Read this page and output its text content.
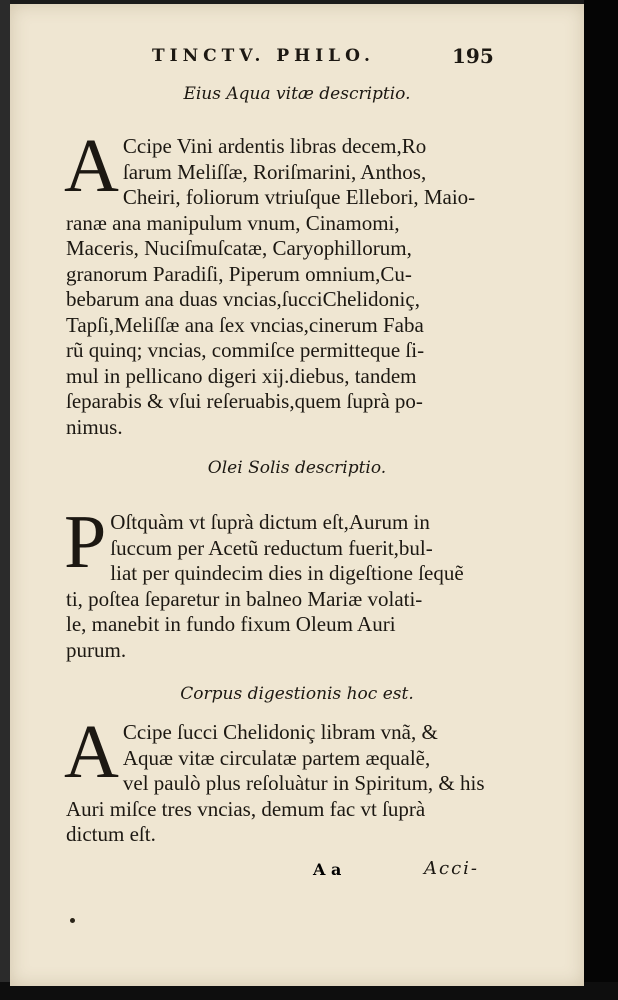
TINCTV. PHILO.	195
Eius Aqua vitæ descriptio.

A Ccipe Vini ardentis libras decem,Ro
ſarum Meliſſæ, Roriſmarini, Anthos,
Cheiri, foliorum vtriuſque Ellebori, Maio-
ranæ ana manipulum vnum, Cinamomi,
Maceris, Nuciſmuſcatæ, Caryophillorum,
granorum Paradiſi, Piperum omnium,Cu-
bebarum ana duas vncias,ſucciChelidoniç,
Tapſi,Meliſſæ ana ſex vncias,cinerum Faba
rũ quinq; vncias, commiſce permitteque ſi-
mul in pellicano digeri xij.diebus, tandem
ſeparabis & vſui reſeruabis,quem ſuprà po-
nimus.

Olei Solis descriptio.

P Oſtquàm vt ſuprà dictum eſt,Aurum in
ſuccum per Acetũ reductum fuerit,bul-
liat per quindecim dies in digeſtione ſequẽ
ti, poſtea ſeparetur in balneo Mariæ volati-
le, manebit in fundo fixum Oleum Auri
purum.

Corpus digestionis hoc est.

A Ccipe ſucci Chelidoniç libram vnã, &
Aquæ vitæ circulatæ partem æqualẽ,
vel paulò plus reſoluàtur in Spiritum, & his
Auri miſce tres vncias, demum fac vt ſuprà
dictum eſt.

A a	Acci-
